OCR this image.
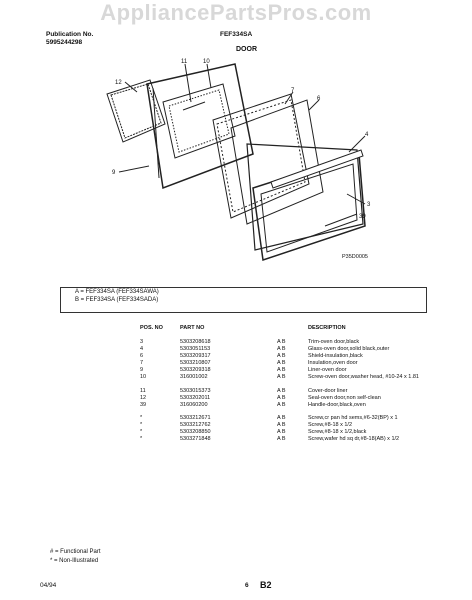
AppliancePartsPros.com
Publication No.
5995244298
FEF334SA
DOOR
12
11	10
7
6
4
9
3
39
P35D0005
A = FEF334SA (FEF334SAWA)
B = FEF334SA (FEF334SADA)
POS. NO	PART NO	DESCRIPTION
3	5303208618	A B	Trim-oven door,black
4	5303051153	A B	Glass-oven door,solid black,outer
6	5303209317	A B	Shield-insulation,black
7	5303210807	A B	Insulation,oven door
9	5303209318	A B	Liner-oven door
10	316001002	A B	Screw-oven door,washer head, #10-24 x 1.81
11	5303015373	A B	Cover-door liner
12	5303202011	A B	Seal-oven door,non self-clean
39	316060200	A B	Handle-door,black,oven
*	5303212671	A B	Screw,cr pan hd sems,#6-32(BP) x 1
*	5303212762	A B	Screw,#8-18 x 1/2
*	5303208850	A B	Screw,#8-18 x 1/2,black
*	5303271848	A B	Screw,wafer hd sq dr,#8-18(AB) x 1/2
# = Functional Part
* = Non-Illustrated
04/94	6 B2
